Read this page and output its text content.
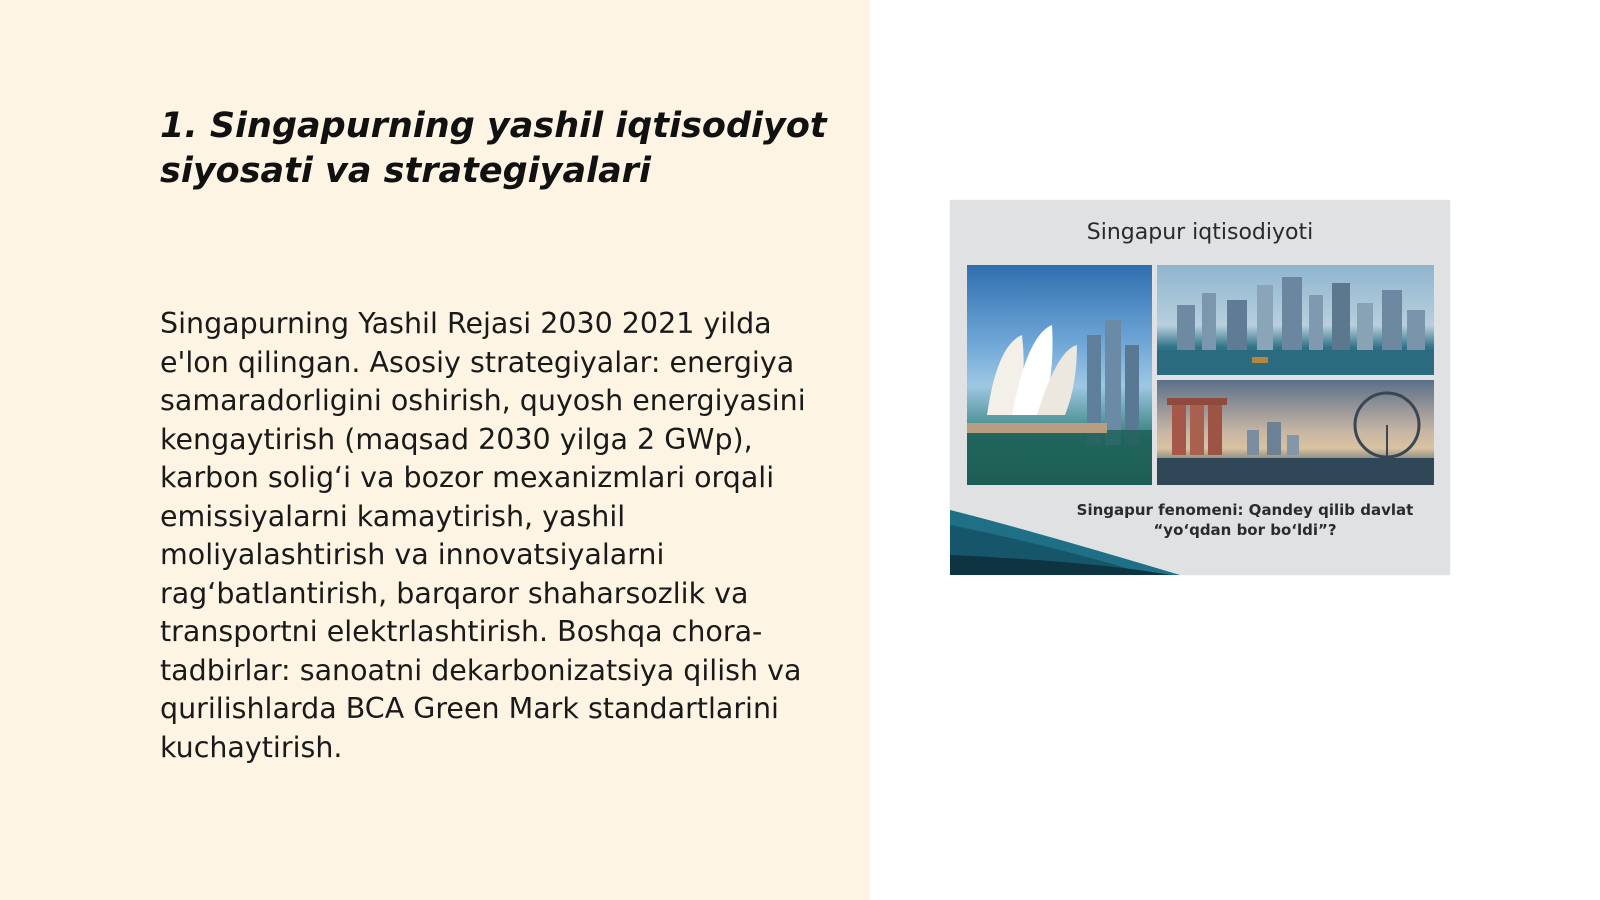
1. Singapurning yashil iqtisodiyot siyosati va strategiyalari

Singapurning Yashil Rejasi 2030 2021 yilda e'lon qilingan. Asosiy strategiyalar: energiya samaradorligini oshirish, quyosh energiyasini kengaytirish (maqsad 2030 yilga 2 GWp), karbon solig‘i va bozor mexanizmlari orqali emissiyalarni kamaytirish, yashil moliyalashtirish va innovatsiyalarni rag‘batlantirish, barqaror shaharsozlik va transportni elektrlashtirish. Boshqa chora-tadbirlar: sanoatni dekarbonizatsiya qilish va qurilishlarda BCA Green Mark standartlarini kuchaytirish.

Singapur iqtisodiyoti
Singapur fenomeni: Qandey qilib davlat
“yo‘qdan bor bo‘ldi”?
